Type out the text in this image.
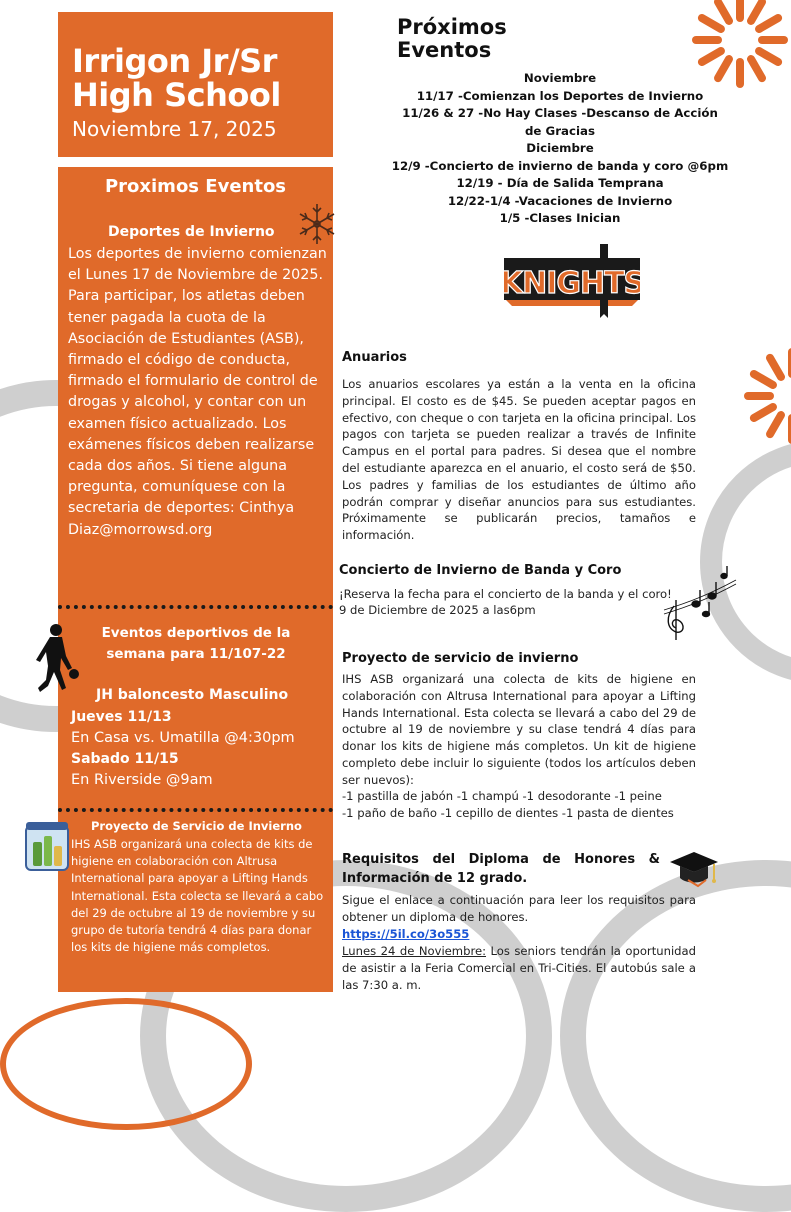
Irrigon Jr/Sr High School
Noviembre 17, 2025
Proximos Eventos
Deportes de Invierno
Los deportes de invierno comienzan el Lunes 17 de Noviembre de 2025. Para participar, los atletas deben tener pagada la cuota de la Asociación de Estudiantes (ASB), firmado el código de conducta, firmado el formulario de control de drogas y alcohol, y contar con un examen físico actualizado. Los exámenes físicos deben realizarse cada dos años. Si tiene alguna pregunta, comuníquese con la secretaria de deportes: Cinthya Diaz@morrowsd.org
Eventos deportivos de la semana para 11/107-22
JH baloncesto Masculino
Jueves 11/13
En Casa vs. Umatilla @4:30pm
Sabado 11/15
En Riverside @9am
Proyecto de Servicio de Invierno
IHS ASB organizará una colecta de kits de higiene en colaboración con Altrusa International para apoyar a Lifting Hands International. Esta colecta se llevará a cabo del 29 de octubre al 19 de noviembre y su grupo de tutoría tendrá 4 días para donar los kits de higiene más completos.
Próximos Eventos
Noviembre
11/17 -Comienzan los Deportes de Invierno
11/26 & 27 -No Hay Clases -Descanso de Acción de Gracias
Diciembre
12/9 -Concierto de invierno de banda y coro @6pm
12/19 - Día de Salida Temprana
12/22-1/4 -Vacaciones de Invierno
1/5 -Clases Inician
KNIGHTS
Anuarios
Los anuarios escolares ya están a la venta en la oficina principal. El costo es de $45. Se pueden aceptar pagos en efectivo, con cheque o con tarjeta en la oficina principal. Los pagos con tarjeta se pueden realizar a través de Infinite Campus en el portal para padres. Si desea que el nombre del estudiante aparezca en el anuario, el costo será de $50. Los padres y familias de los estudiantes de último año podrán comprar y diseñar anuncios para sus estudiantes. Próximamente se publicarán precios, tamaños e información.
Concierto de Invierno de Banda y Coro
¡Reserva la fecha para el concierto de la banda y el coro!
9 de Diciembre de 2025 a las6pm
Proyecto de servicio de invierno
IHS ASB organizará una colecta de kits de higiene en colaboración con Altrusa International para apoyar a Lifting Hands International. Esta colecta se llevará a cabo del 29 de octubre al 19 de noviembre y su clase tendrá 4 días para donar los kits de higiene más completos. Un kit de higiene completo debe incluir lo siguiente (todos los artículos deben ser nuevos):
-1 pastilla de jabón -1 champú -1 desodorante -1 peine
-1 paño de baño -1 cepillo de dientes -1 pasta de dientes
Requisitos del Diploma de Honores &
Información de 12 grado.
Sigue el enlace a continuación para leer los requisitos para obtener un diploma de honores.
https://5il.co/3o555
Lunes 24 de Noviembre: Los seniors tendrán la oportunidad de asistir a la Feria Comercial en Tri-Cities. El autobús sale a las 7:30 a. m.
